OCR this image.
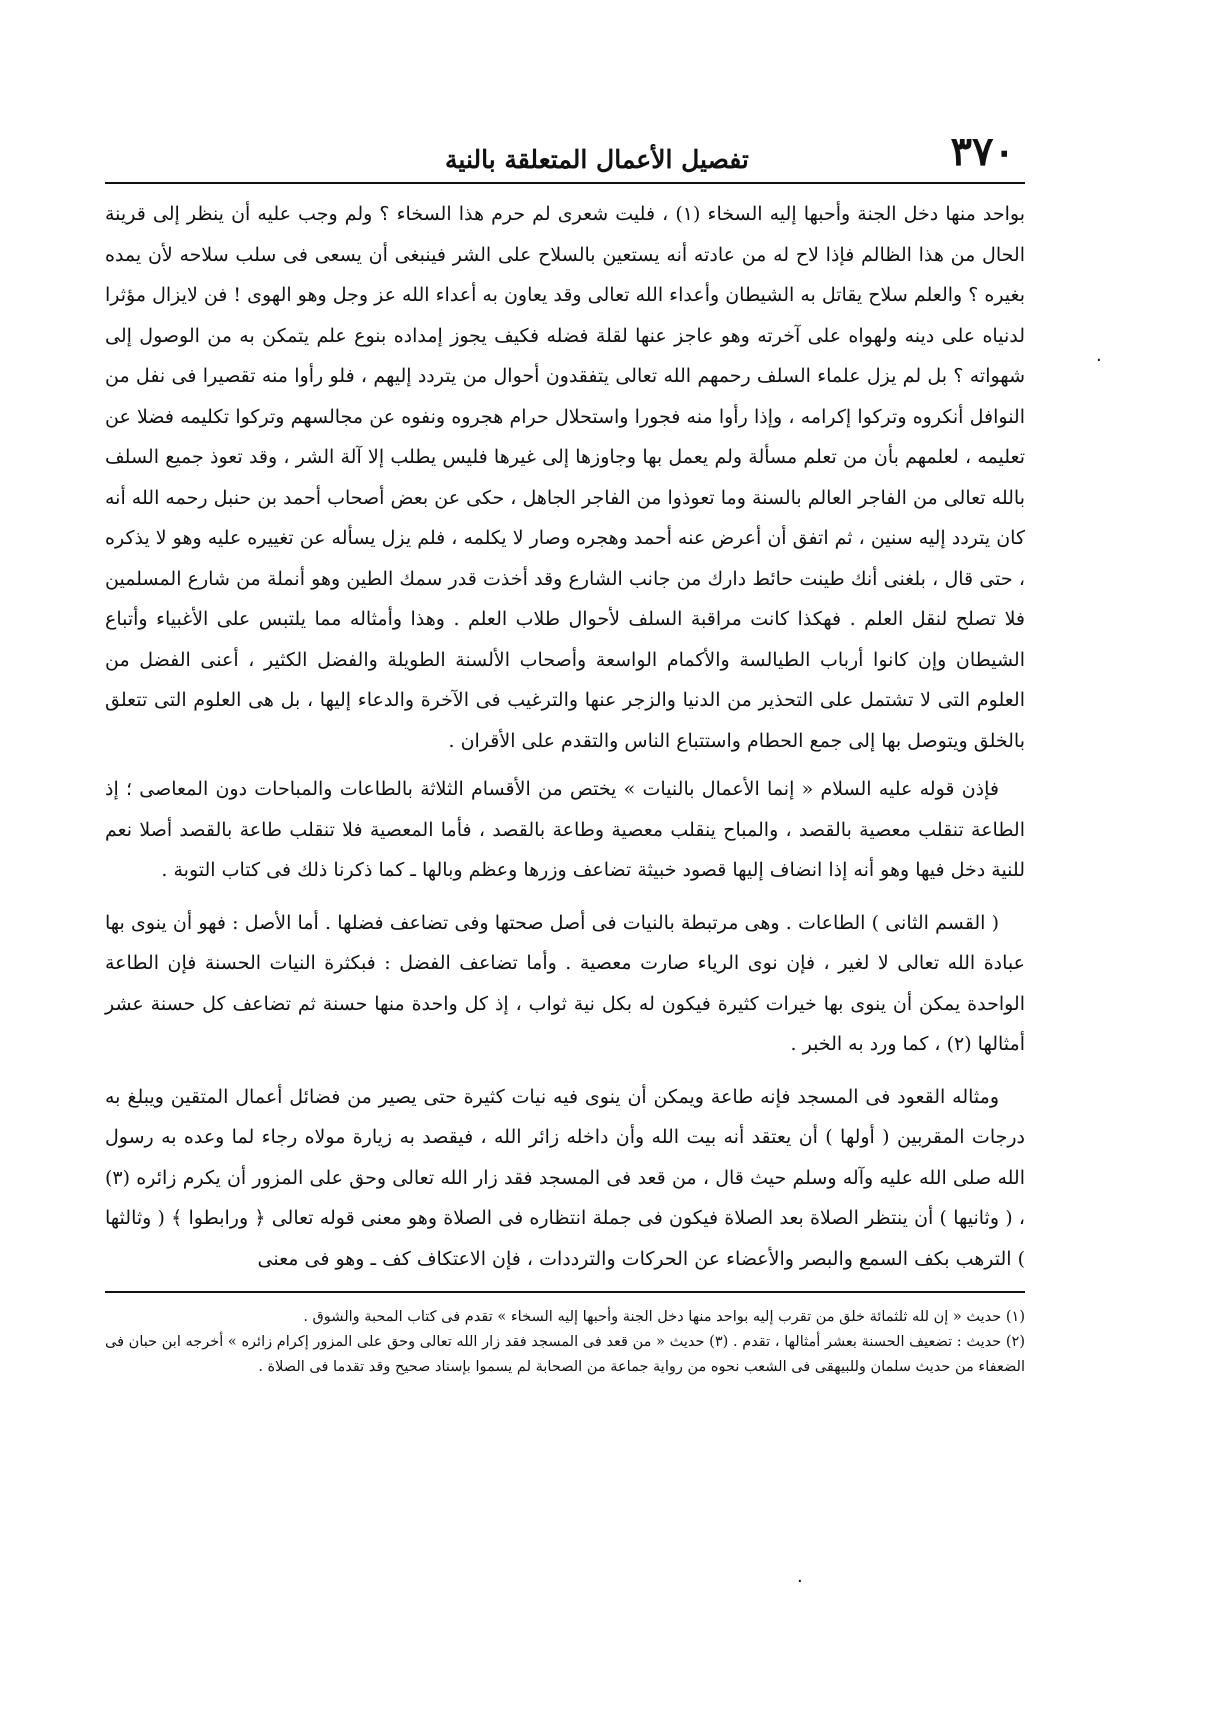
٣٧٠
تفصيل الأعمال المتعلقة بالنية

بواحد منها دخل الجنة وأحبها إليه السخاء (١) ، فليت شعرى لم حرم هذا السخاء ؟ ولم وجب عليه أن ينظر إلى قرينة الحال من هذا الظالم فإذا لاح له من عادته أنه يستعين بالسلاح على الشر فينبغى أن يسعى فى سلب سلاحه لأن يمده بغيره ؟ والعلم سلاح يقاتل به الشيطان وأعداء الله تعالى وقد يعاون به أعداء الله عز وجل وهو الهوى ! فن لايزال مؤثرا لدنياه على دينه ولهواه على آخرته وهو عاجز عنها لقلة فضله فكيف يجوز إمداده بنوع علم يتمكن به من الوصول إلى شهواته ؟ بل لم يزل علماء السلف رحمهم الله تعالى يتفقدون أحوال من يتردد إليهم ، فلو رأوا منه تقصيرا فى نفل من النوافل أنكروه وتركوا إكرامه ، وإذا رأوا منه فجورا واستحلال حرام هجروه ونفوه عن مجالسهم وتركوا تكليمه فضلا عن تعليمه ، لعلمهم بأن من تعلم مسألة ولم يعمل بها وجاوزها إلى غيرها فليس يطلب إلا آلة الشر ، وقد تعوذ جميع السلف بالله تعالى من الفاجر العالم بالسنة وما تعوذوا من الفاجر الجاهل ، حكى عن بعض أصحاب أحمد بن حنبل رحمه الله أنه كان يتردد إليه سنين ، ثم اتفق أن أعرض عنه أحمد وهجره وصار لا يكلمه ، فلم يزل يسأله عن تغييره عليه وهو لا يذكره ، حتى قال ، بلغنى أنك طينت حائط دارك من جانب الشارع وقد أخذت قدر سمك الطين وهو أنملة من شارع المسلمين فلا تصلح لنقل العلم . فهكذا كانت مراقبة السلف لأحوال طلاب العلم . وهذا وأمثاله مما يلتبس على الأغبياء وأتباع الشيطان وإن كانوا أرباب الطيالسة والأكمام الواسعة وأصحاب الألسنة الطويلة والفضل الكثير ، أعنى الفضل من العلوم التى لا تشتمل على التحذير من الدنيا والزجر عنها والترغيب فى الآخرة والدعاء إليها ، بل هى العلوم التى تتعلق بالخلق ويتوصل بها إلى جمع الحطام واستتباع الناس والتقدم على الأقران .

فإذن قوله عليه السلام « إنما الأعمال بالنيات » يختص من الأقسام الثلاثة بالطاعات والمباحات دون المعاصى ؛ إذ الطاعة تنقلب معصية بالقصد ، والمباح ينقلب معصية وطاعة بالقصد ، فأما المعصية فلا تنقلب طاعة بالقصد أصلا نعم للنية دخل فيها وهو أنه إذا انضاف إليها قصود خبيثة تضاعف وزرها وعظم وبالها ـ كما ذكرنا ذلك فى كتاب التوبة .

( القسم الثانى ) الطاعات . وهى مرتبطة بالنيات فى أصل صحتها وفى تضاعف فضلها . أما الأصل : فهو أن ينوى بها عبادة الله تعالى لا لغير ، فإن نوى الرياء صارت معصية . وأما تضاعف الفضل : فبكثرة النيات الحسنة فإن الطاعة الواحدة يمكن أن ينوى بها خيرات كثيرة فيكون له بكل نية ثواب ، إذ كل واحدة منها حسنة ثم تضاعف كل حسنة عشر أمثالها (٢) ، كما ورد به الخبر .

ومثاله القعود فى المسجد فإنه طاعة ويمكن أن ينوى فيه نيات كثيرة حتى يصير من فضائل أعمال المتقين ويبلغ به درجات المقربين ( أولها ) أن يعتقد أنه بيت الله وأن داخله زائر الله ، فيقصد به زيارة مولاه رجاء لما وعده به رسول الله صلى الله عليه وآله وسلم حيث قال ، من قعد فى المسجد فقد زار الله تعالى وحق على المزور أن يكرم زائره (٣) ، ( وثانيها ) أن ينتظر الصلاة بعد الصلاة فيكون فى جملة انتظاره فى الصلاة وهو معنى قوله تعالى ﴿ ورابطوا ﴾ ( وثالثها ) الترهب بكف السمع والبصر والأعضاء عن الحركات والترددات ، فإن الاعتكاف كف ـ وهو فى معنى

(١) حديث « إن لله ثلثمائة خلق من تقرب إليه بواحد منها دخل الجنة وأحبها إليه السخاء » تقدم فى كتاب المحبة والشوق .

(٢) حديث : تضعيف الحسنة بعشر أمثالها ، تقدم . (٣) حديث « من قعد فى المسجد فقد زار الله تعالى وحق على المزور إكرام زائره » أخرجه ابن حبان فى الضعفاء من حديث سلمان وللبيهقى فى الشعب نحوه من رواية جماعة من الصحابة لم يسموا بإسناد صحيح وقد تقدما فى الصلاة .

.
.
